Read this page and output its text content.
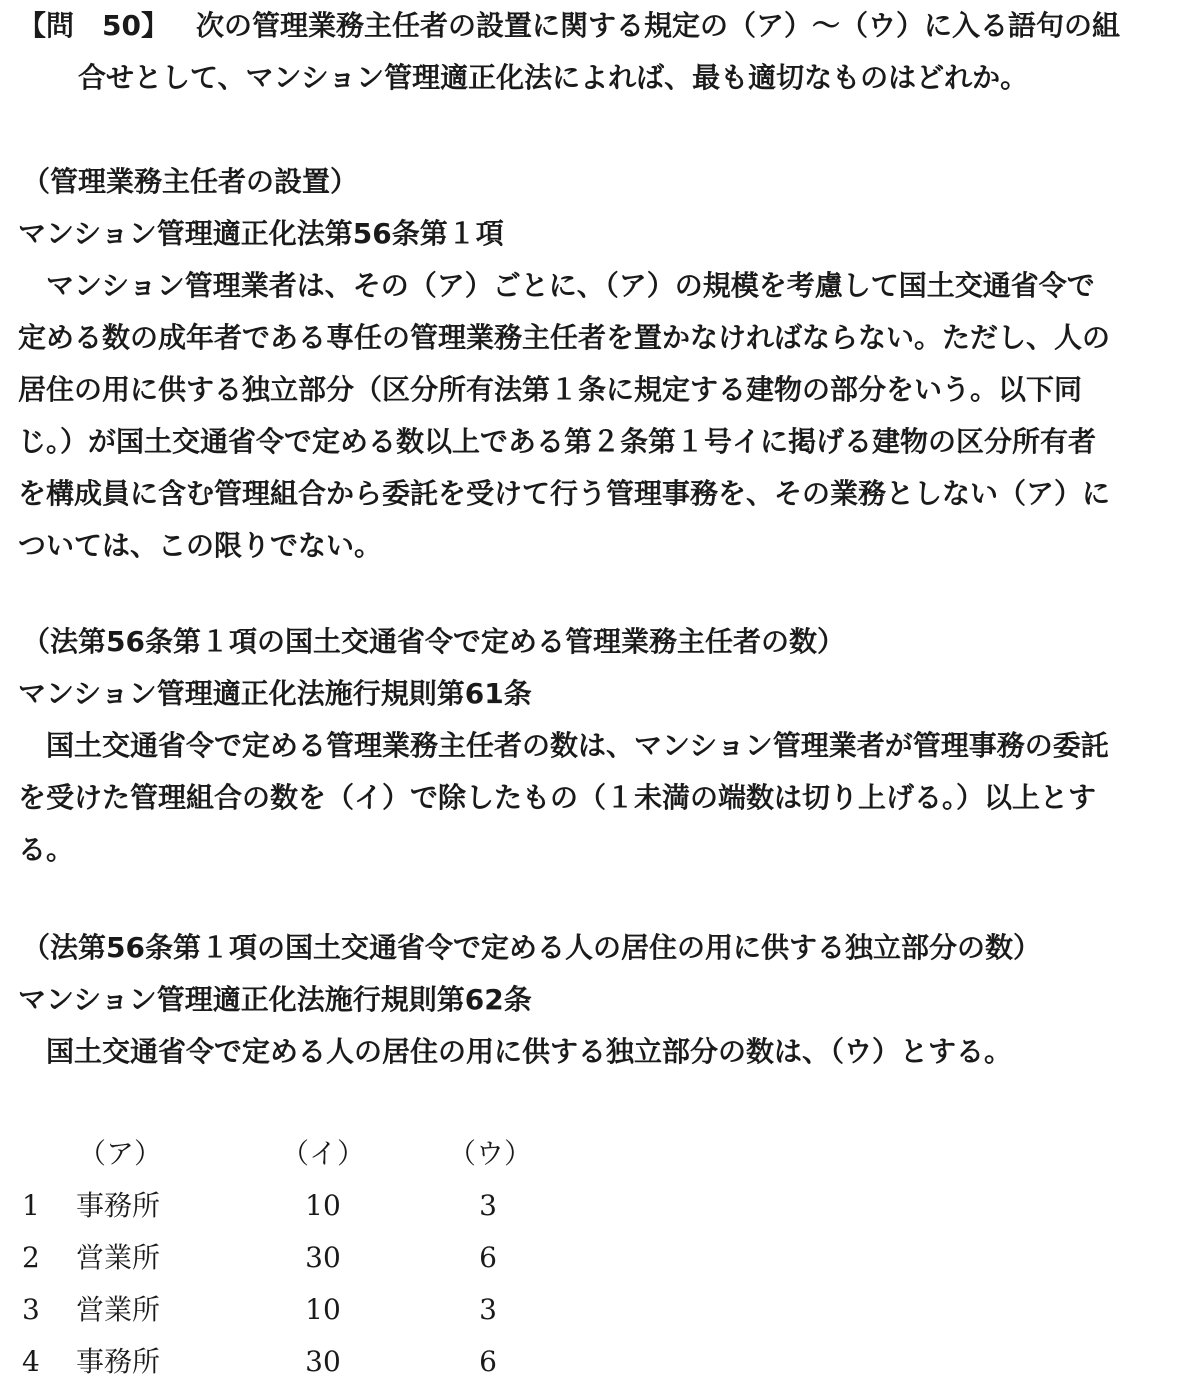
【問　50】 次の管理業務主任者の設置に関する規定の（ア）～（ウ）に入る語句の組
合せとして、マンション管理適正化法によれば、最も適切なものはどれか。
（管理業務主任者の設置）
マンション管理適正化法第56条第１項
マンション管理業者は、その（ア）ごとに、（ア）の規模を考慮して国土交通省令で
定める数の成年者である専任の管理業務主任者を置かなければならない。ただし、人の
居住の用に供する独立部分（区分所有法第１条に規定する建物の部分をいう。以下同
じ。）が国土交通省令で定める数以上である第２条第１号イに掲げる建物の区分所有者
を構成員に含む管理組合から委託を受けて行う管理事務を、その業務としない（ア）に
ついては、この限りでない。
（法第56条第１項の国土交通省令で定める管理業務主任者の数）
マンション管理適正化法施行規則第61条
国土交通省令で定める管理業務主任者の数は、マンション管理業者が管理事務の委託
を受けた管理組合の数を（イ）で除したもの（１未満の端数は切り上げる。）以上とす
る。
（法第56条第１項の国土交通省令で定める人の居住の用に供する独立部分の数）
マンション管理適正化法施行規則第62条
国土交通省令で定める人の居住の用に供する独立部分の数は、（ウ）とする。
（ア）	（イ）	（ウ）
1	事務所	10	3
2	営業所	30	6
3	営業所	10	3
4	事務所	30	6
